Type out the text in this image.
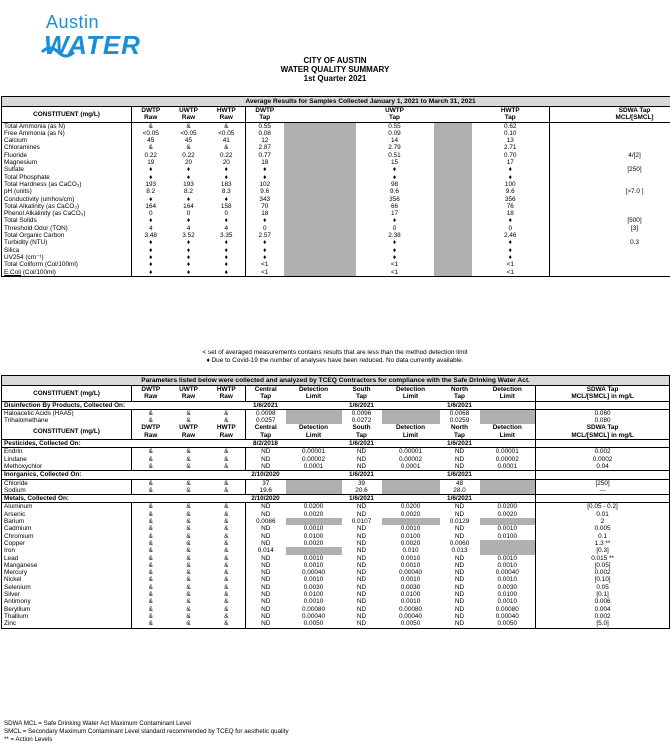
Austin
WATER
CITY OF AUSTIN
WATER QUALITY SUMMARY
1st Quarter 2021
Average Results for Samples Collected January 1, 2021 to March 31, 2021									
CONSTITUENT (mg/L)	DWTP	UWTP	HWTP	DWTP		UWTP		HWTP	SDWA Tap
	Raw	Raw	Raw	Tap		Tap		Tap	MCL/[SMCL]
Total Ammonia (as N)	&	&	&	0.55		0.55		0.62	
Free Ammonia (as N)	<0.05	<0.05	<0.05	0.08		0.09		0.10	
Calcium	45	45	41	12		14		13	
Chloramines	&	&	&	2.87		2.79		2.71	
Fluoride	0.22	0.22	0.22	0.77		0.51		0.70	4/[2]
Magnesium	19	20	20	18		15		17	
Sulfate	♦	♦	♦	♦		♦		♦	[250]
Total Phosphate	♦	♦	♦	♦		♦		♦	
Total Hardness (as CaCO₃)	193	193	183	102		98		100	
pH (units)	8.2	8.2	8.3	9.6		9.6		9.6	[>7.0 ]
Conductivity (umhos/cm)	♦	♦	♦	343		356		356	
Total Alkalinity (as CaCO₃)	164	164	158	70		66		76	
Phenol Alkalinity (as CaCO₃)	0	0	0	18		17		18	
Total Solids	♦	♦	♦	♦		♦		♦	[500]
Threshold Odor (TON)	4	4	4	0		0		0	[3]
Total Organic Carbon	3.48	3.52	3.35	2.57		2.38		2.46	
Turbidity (NTU)	♦	♦	♦	♦		♦		♦	0.3
Silica	♦	♦	♦	♦		♦		♦	
UV254 (cm⁻¹)	♦	♦	♦	♦		♦		♦	
Total Coliform (Col/100ml)	♦	♦	♦	<1		<1		<1	
E.Coli (Col/100ml)	♦	♦	♦	<1		<1		<1	
< set of averaged measurements contains results that are less than the method detection limit
♦ Due to Covid-19 the number of analyses have been reduced. No data currently available.
Parameters listed below were collected and analyzed by TCEQ Contractors for compliance with the Safe Drinking Water Act.										
CONSTITUENT (mg/L)	DWTP	UWTP	HWTP	Central	Detection	South	Detection	North	Detection	SDWA Tap
	Raw	Raw	Raw	Tap	Limit	Tap	Limit	Tap	Limit	MCL/[SMCL] in mg/L
Disinfection By Products, Collected On:				1/6/2021		1/6/2021		1/6/2021		
Haloacetic Acids (HAA5)	&	&	&	0.0098		0.0096		0.0068		0.060
Trihalomethane	&	&	&	0.0257		0.0272		0.0259		0.080
CONSTITUENT (mg/L)	DWTP	UWTP	HWTP	Central	Detection	South	Detection	North	Detection	SDWA Tap
	Raw	Raw	Raw	Tap	Limit	Tap	Limit	Tap	Limit	MCL/[SMCL] in mg/L
Pesticides, Collected On:				8/2/2018		1/6/2021		1/6/2021		
Endrin	&	&	&	ND	0.00001	ND	0.00001	ND	0.00001	0.002
Lindane	&	&	&	ND	0.00002	ND	0.00002	ND	0.00002	0.0002
Methoxychlor	&	&	&	ND	0.0001	ND	0.0001	ND	0.0001	0.04
Inorganics, Collected On:				2/10/2020		1/6/2021		1/6/2021		
Chloride	&	&	&	37		39		48		[250]
Sodium	&	&	&	19.6		20.6		28.0		---
Metals, Collected On:				2/10/2020		1/6/2021		1/6/2021		
Aluminum	&	&	&	ND	0.0200	ND	0.0200	ND	0.0200	[0.05 - 0.2]
Arsenic	&	&	&	ND	0.0020	ND	0.0020	ND	0.0020	0.01
Barium	&	&	&	0.0086		0.0107		0.0129		2
Cadmium	&	&	&	ND	0.0010	ND	0.0010	ND	0.0010	0.005
Chromium	&	&	&	ND	0.0100	ND	0.0100	ND	0.0100	0.1
Copper	&	&	&	ND	0.0020	ND	0.0020	0.0060		1.3 **
Iron	&	&	&	0.014		ND	0.010	0.013		[0.3]
Lead	&	&	&	ND	0.0010	ND	0.0010	ND	0.0010	0.015 **
Manganese	&	&	&	ND	0.0010	ND	0.0010	ND	0.0010	[0.05]
Mercury	&	&	&	ND	0.00040	ND	0.00040	ND	0.00040	0.002
Nickel	&	&	&	ND	0.0010	ND	0.0010	ND	0.0010	[0.10]
Selenium	&	&	&	ND	0.0030	ND	0.0030	ND	0.0030	0.05
Silver	&	&	&	ND	0.0100	ND	0.0100	ND	0.0100	[0.1]
Antimony	&	&	&	ND	0.0010	ND	0.0010	ND	0.0010	0.006
Beryllium	&	&	&	ND	0.00080	ND	0.00080	ND	0.00080	0.004
Thallium	&	&	&	ND	0.00040	ND	0.00040	ND	0.00040	0.002
Zinc	&	&	&	ND	0.0050	ND	0.0050	ND	0.0050	[5.0]
SDWA MCL = Safe Drinking Water Act Maximum Contaminant Level
SMCL = Secondary Maximum Contaminant Level standard recommended by TCEQ for aesthetic quality
** = Action Levels
